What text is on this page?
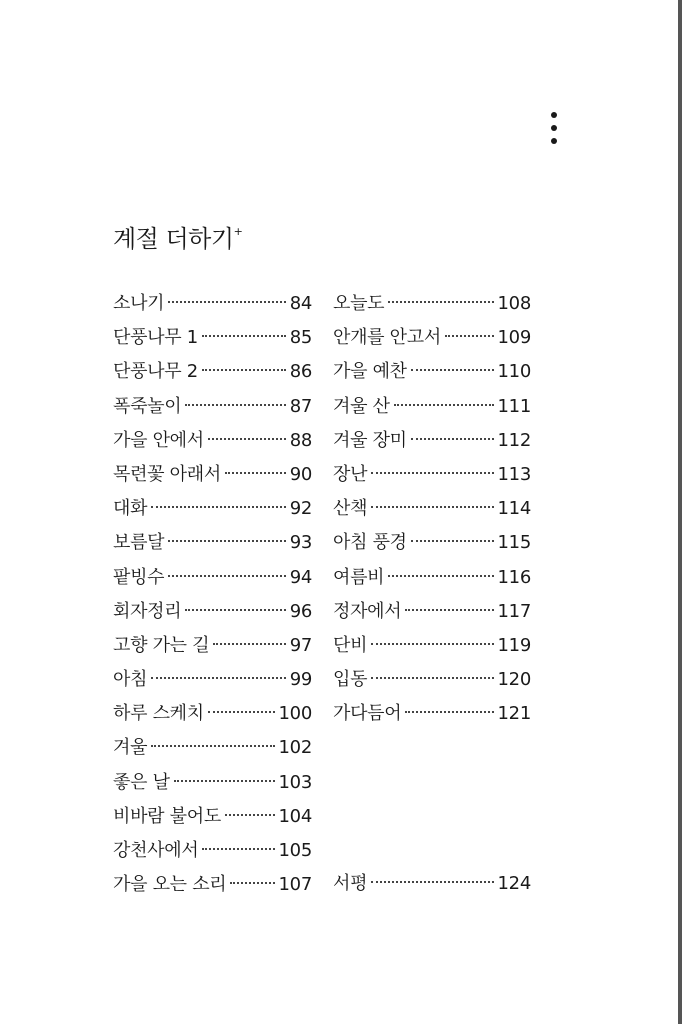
계절 더하기+
소나기	84
단풍나무 1	85
단풍나무 2	86
폭죽놀이	87
가을 안에서	88
목련꽃 아래서	90
대화	92
보름달	93
팥빙수	94
회자정리	96
고향 가는 길	97
아침	99
하루 스케치	100
겨울	102
좋은 날	103
비바람 불어도	104
강천사에서	105
가을 오는 소리	107
오늘도	108
안개를 안고서	109
가을 예찬	110
겨울 산	111
겨울 장미	112
장난	113
산책	114
아침 풍경	115
여름비	116
정자에서	117
단비	119
입동	120
가다듬어	121
서평	124
